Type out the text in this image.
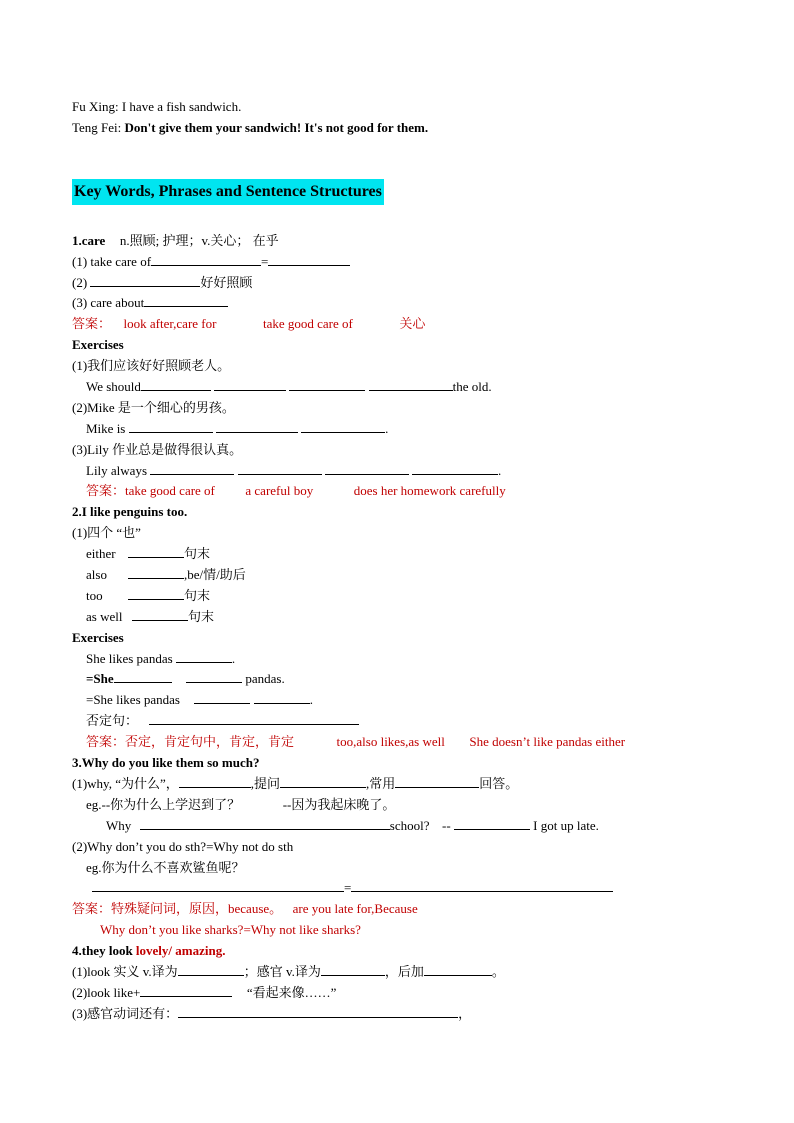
Fu Xing: I have a fish sandwich.
Teng Fei: Don't give them your sandwich! It's not good for them.
Key Words, Phrases and Sentence Structures
1.care n.照顾; 护理；v.关心； 在乎
(1) take care of	=
(2)	好好照顾
(3) care about
答案： look after,care for	take good care of	关心
Exercises
(1)我们应该好好照顾老人。
We should	the old.
(2)Mike 是一个细心的男孩。
Mike is	.
(3)Lily 作业总是做得很认真。
Lily always	.
答案：take good care of a careful boy	does her homework carefully
2.I like penguins too.
(1)四个 “也”
either	句末
also	,be/情/助后
too	句末
as well	句末
Exercises
She likes pandas	.
=She	pandas.
=She likes pandas	.
否定句：
答案：否定，肯定句中，肯定，肯定	too,also likes,as well She doesn’t like pandas either
3.Why do you like them so much?
(1)why, “为什么”，	,提问	,常用	回答。
eg.--你为什么上学迟到了？	--因为我起床晚了。
Why	school? --	I got up late.
(2)Why don’t you do sth?=Why not do sth
eg.你为什么不喜欢鲨鱼呢？
=
答案：特殊疑问词，原因，because。 are you late for,Because
Why don’t you like sharks?=Why not like sharks?
4.they look lovely/ amazing.
(1)look 实义 v.译为	；感官 v.译为	，后加	。
(2)look like+	“看起来像……”
(3)感官动词还有：	，
